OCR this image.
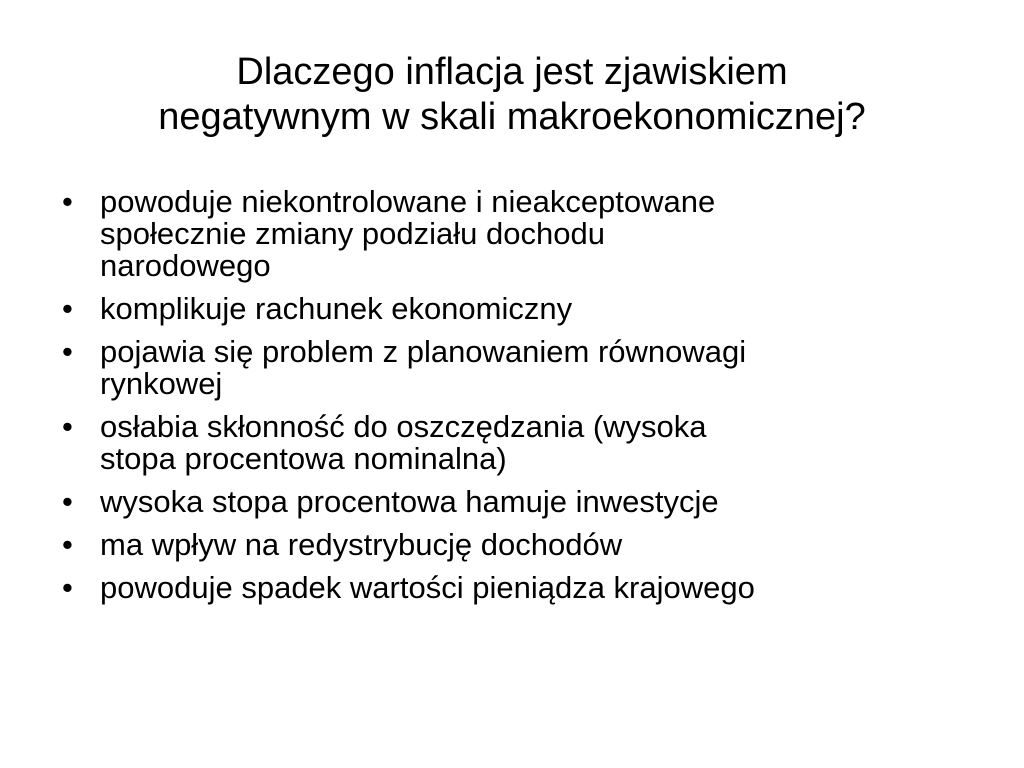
Dlaczego inflacja jest zjawiskiem
negatywnym w skali makroekonomicznej?
• powoduje niekontrolowane i nieakceptowane
społecznie zmiany podziału dochodu
narodowego
• komplikuje rachunek ekonomiczny
• pojawia się problem z planowaniem równowagi
rynkowej
• osłabia skłonność do oszczędzania (wysoka
stopa procentowa nominalna)
• wysoka stopa procentowa hamuje inwestycje
• ma wpływ na redystrybucję dochodów
• powoduje spadek wartości pieniądza krajowego
